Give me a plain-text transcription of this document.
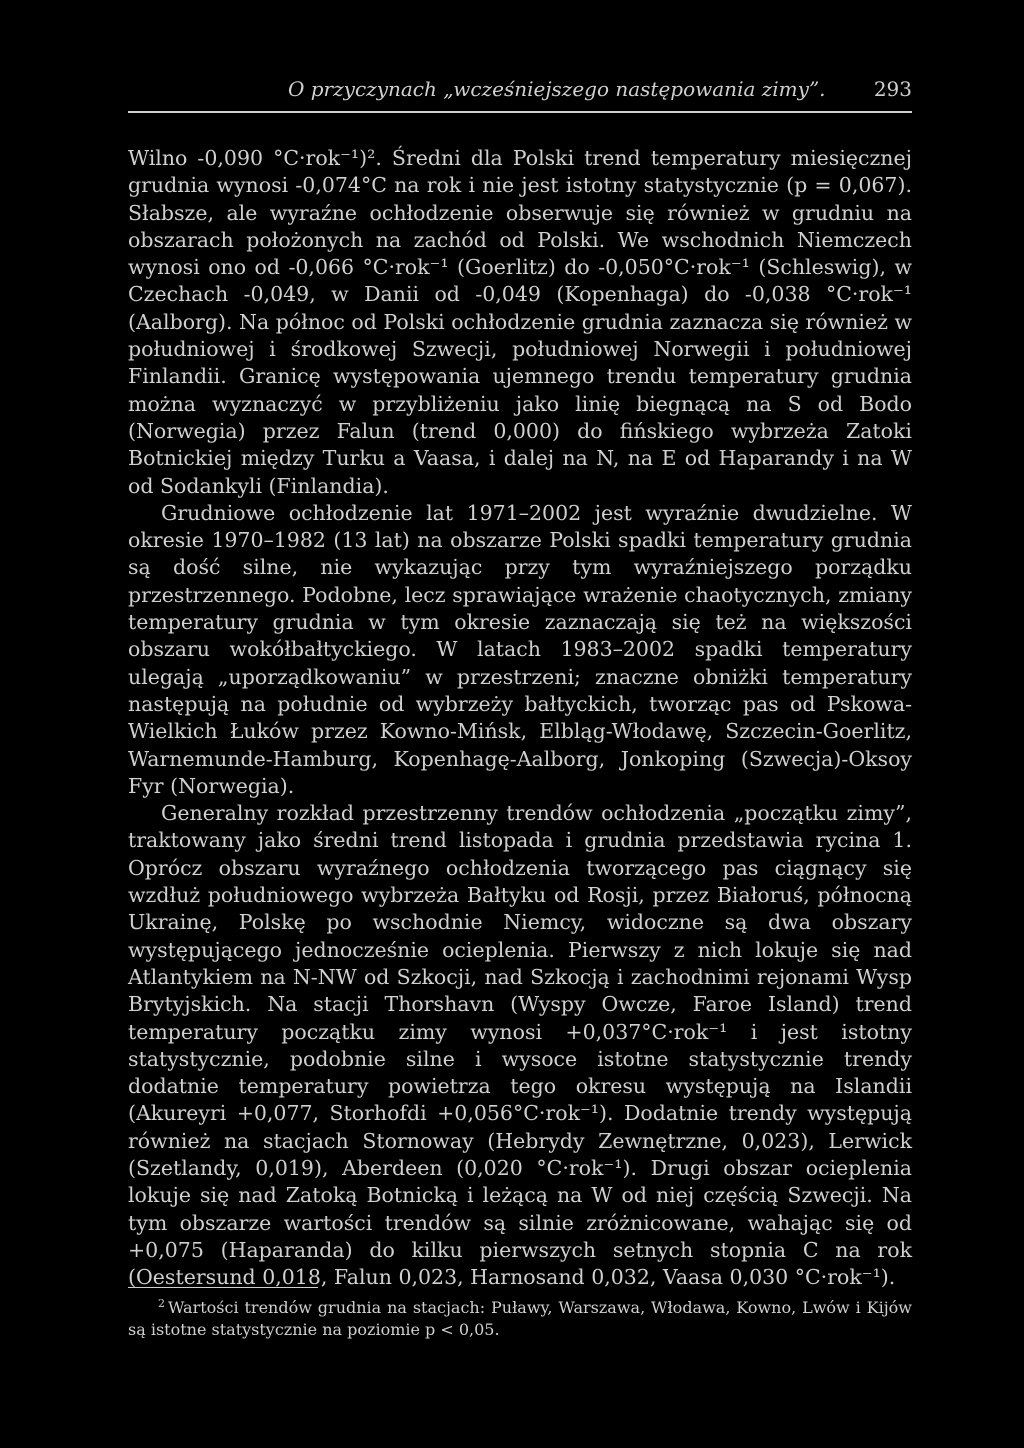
O przyczynach „wcześniejszego następowania zimy”. 293

Wilno -0,090 °C·rok⁻¹)². Średni dla Polski trend temperatury miesięcznej grudnia wynosi -0,074°C na rok i nie jest istotny statystycznie (p = 0,067). Słabsze, ale wyraźne ochłodzenie obserwuje się również w grudniu na obszarach położonych na zachód od Polski. We wschodnich Niemczech wynosi ono od -0,066 °C·rok⁻¹ (Goerlitz) do -0,050°C·rok⁻¹ (Schleswig), w Czechach -0,049, w Danii od -0,049 (Kopenhaga) do -0,038 °C·rok⁻¹ (Aalborg). Na północ od Polski ochłodzenie grudnia zaznacza się również w południowej i środkowej Szwecji, południowej Norwegii i południowej Finlandii. Granicę występowania ujemnego trendu temperatury grudnia można wyznaczyć w przybliżeniu jako linię biegnącą na S od Bodo (Norwegia) przez Falun (trend 0,000) do fińskiego wybrzeża Zatoki Botnickiej między Turku a Vaasa, i dalej na N, na E od Haparandy i na W od Sodankyli (Finlandia).

Grudniowe ochłodzenie lat 1971–2002 jest wyraźnie dwudzielne. W okresie 1970–1982 (13 lat) na obszarze Polski spadki temperatury grudnia są dość silne, nie wykazując przy tym wyraźniejszego porządku przestrzennego. Podobne, lecz sprawiające wrażenie chaotycznych, zmiany temperatury grudnia w tym okresie zaznaczają się też na większości obszaru wokółbałtyckiego. W latach 1983–2002 spadki temperatury ulegają „uporządkowaniu” w przestrzeni; znaczne obniżki temperatury następują na południe od wybrzeży bałtyckich, tworząc pas od Pskowa-Wielkich Łuków przez Kowno-Mińsk, Elbląg-Włodawę, Szczecin-Goerlitz, Warnemunde-Hamburg, Kopenhagę-Aalborg, Jonkoping (Szwecja)-Oksoy Fyr (Norwegia).

Generalny rozkład przestrzenny trendów ochłodzenia „początku zimy”, traktowany jako średni trend listopada i grudnia przedstawia rycina 1. Oprócz obszaru wyraźnego ochłodzenia tworzącego pas ciągnący się wzdłuż południowego wybrzeża Bałtyku od Rosji, przez Białoruś, północną Ukrainę, Polskę po wschodnie Niemcy, widoczne są dwa obszary występującego jednocześnie ocieplenia. Pierwszy z nich lokuje się nad Atlantykiem na N-NW od Szkocji, nad Szkocją i zachodnimi rejonami Wysp Brytyjskich. Na stacji Thorshavn (Wyspy Owcze, Faroe Island) trend temperatury początku zimy wynosi +0,037°C·rok⁻¹ i jest istotny statystycznie, podobnie silne i wysoce istotne statystycznie trendy dodatnie temperatury powietrza tego okresu występują na Islandii (Akureyri +0,077, Storhofdi +0,056°C·rok⁻¹). Dodatnie trendy występują również na stacjach Stornoway (Hebrydy Zewnętrzne, 0,023), Lerwick (Szetlandy, 0,019), Aberdeen (0,020 °C·rok⁻¹). Drugi obszar ocieplenia lokuje się nad Zatoką Botnicką i leżącą na W od niej częścią Szwecji. Na tym obszarze wartości trendów są silnie zróżnicowane, wahając się od +0,075 (Haparanda) do kilku pierwszych setnych stopnia C na rok (Oestersund 0,018, Falun 0,023, Harnosand 0,032, Vaasa 0,030 °C·rok⁻¹).

$^2$ Wartości trendów grudnia na stacjach: Puławy, Warszawa, Włodawa, Kowno, Lwów i Kijów są istotne statystycznie na poziomie p < 0,05.
